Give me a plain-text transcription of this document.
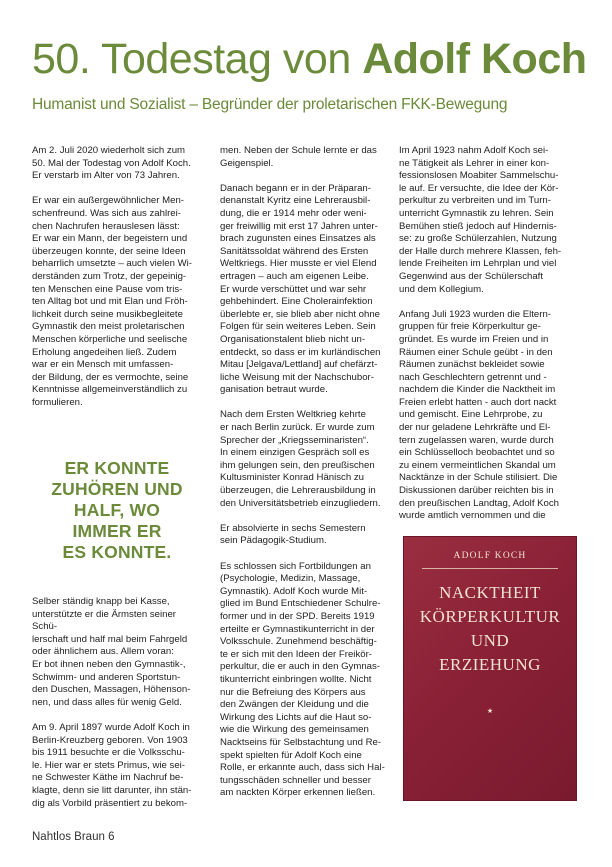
50. Todestag von Adolf Koch
Humanist und Sozialist – Begründer der proletarischen FKK-Bewegung

Am 2. Juli 2020 wiederholt sich zum
50. Mal der Todestag von Adolf Koch.
Er verstarb im Alter von 73 Jahren.

Er war ein außergewöhnlicher Men-
schenfreund. Was sich aus zahlrei-
chen Nachrufen herauslesen lässt:
Er war ein Mann, der begeistern und
überzeugen konnte, der seine Ideen
beharrlich umsetzte – auch vielen Wi-
derständen zum Trotz, der gepeinig-
ten Menschen eine Pause vom tris-
ten Alltag bot und mit Elan und Fröh-
lichkeit durch seine musikbegleitete
Gymnastik den meist proletarischen
Menschen körperliche und seelische
Erholung angedeihen ließ. Zudem
war er ein Mensch mit umfassen-
der Bildung, der es vermochte, seine
Kenntnisse allgemeinverständlich zu
formulieren.

ER KONNTE
ZUHÖREN UND
HALF, WO
IMMER ER
ES KONNTE.

Selber ständig knapp bei Kasse,
unterstützte er die Ärmsten seiner Schü-
lerschaft und half mal beim Fahrgeld
oder ähnlichem aus. Allem voran:
Er bot ihnen neben den Gymnastik-,
Schwimm- und anderen Sportstun-
den Duschen, Massagen, Höhenson-
nen, und dass alles für wenig Geld.

Am 9. April 1897 wurde Adolf Koch in
Berlin-Kreuzberg geboren. Von 1903
bis 1911 besuchte er die Volksschu-
le. Hier war er stets Primus, wie sei-
ne Schwester Käthe im Nachruf be-
klagte, denn sie litt darunter, ihn stän-
dig als Vorbild präsentiert zu bekom-

men. Neben der Schule lernte er das
Geigenspiel.

Danach begann er in der Präparan-
denanstalt Kyritz eine Lehrerausbil-
dung, die er 1914 mehr oder weni-
ger freiwillig mit erst 17 Jahren unter-
brach zugunsten eines Einsatzes als
Sanitätssoldat während des Ersten
Weltkriegs. Hier musste er viel Elend
ertragen – auch am eigenen Leibe.
Er wurde verschüttet und war sehr
gehbehindert. Eine Cholerainfektion
überlebte er, sie blieb aber nicht ohne
Folgen für sein weiteres Leben. Sein
Organisationstalent blieb nicht un-
entdeckt, so dass er im kurländischen
Mitau [Jelgava/Lettland] auf chefärzt-
liche Weisung mit der Nachschubor-
ganisation betraut wurde.

Nach dem Ersten Weltkrieg kehrte
er nach Berlin zurück. Er wurde zum
Sprecher der „Kriegsseminaristen“.
In einem einzigen Gespräch soll es
ihm gelungen sein, den preußischen
Kultusminister Konrad Hänisch zu
überzeugen, die Lehrerausbildung in
den Universitätsbetrieb einzugliedern.

Er absolvierte in sechs Semestern
sein Pädagogik-Studium.

Es schlossen sich Fortbildungen an
(Psychologie, Medizin, Massage,
Gymnastik). Adolf Koch wurde Mit-
glied im Bund Entschiedener Schulre-
former und in der SPD. Bereits 1919
erteilte er Gymnastikunterricht in der
Volksschule. Zunehmend beschäftig-
te er sich mit den Ideen der Freikör-
perkultur, die er auch in den Gymnas-
tikunterricht einbringen wollte. Nicht
nur die Befreiung des Körpers aus
den Zwängen der Kleidung und die
Wirkung des Lichts auf die Haut so-
wie die Wirkung des gemeinsamen
Nacktseins für Selbstachtung und Re-
spekt spielten für Adolf Koch eine
Rolle, er erkannte auch, dass sich Hal-
tungsschäden schneller und besser
am nackten Körper erkennen ließen.

Im April 1923 nahm Adolf Koch sei-
ne Tätigkeit als Lehrer in einer kon-
fessionslosen Moabiter Sammelschu-
le auf. Er versuchte, die Idee der Kör-
perkultur zu verbreiten und im Turn-
unterricht Gymnastik zu lehren. Sein
Bemühen stieß jedoch auf Hindernis-
se: zu große Schülerzahlen, Nutzung
der Halle durch mehrere Klassen, feh-
lende Freiheiten im Lehrplan und viel
Gegenwind aus der Schülerschaft
und dem Kollegium.

Anfang Juli 1923 wurden die Eltern-
gruppen für freie Körperkultur ge-
gründet. Es wurde im Freien und in
Räumen einer Schule geübt - in den
Räumen zunächst bekleidet sowie
nach Geschlechtern getrennt und -
nachdem die Kinder die Nacktheit im
Freien erlebt hatten - auch dort nackt
und gemischt. Eine Lehrprobe, zu
der nur geladene Lehrkräfte und El-
tern zugelassen waren, wurde durch
ein Schlüsselloch beobachtet und so
zu einem vermeintlichen Skandal um
Nacktänze in der Schule stilisiert. Die
Diskussionen darüber reichten bis in
den preußischen Landtag, Adolf Koch
wurde amtlich vernommen und die

ADOLF KOCH
NACKTHEIT
KÖRPERKULTUR
UND
ERZIEHUNG
★
Nahtlos Braun 6
